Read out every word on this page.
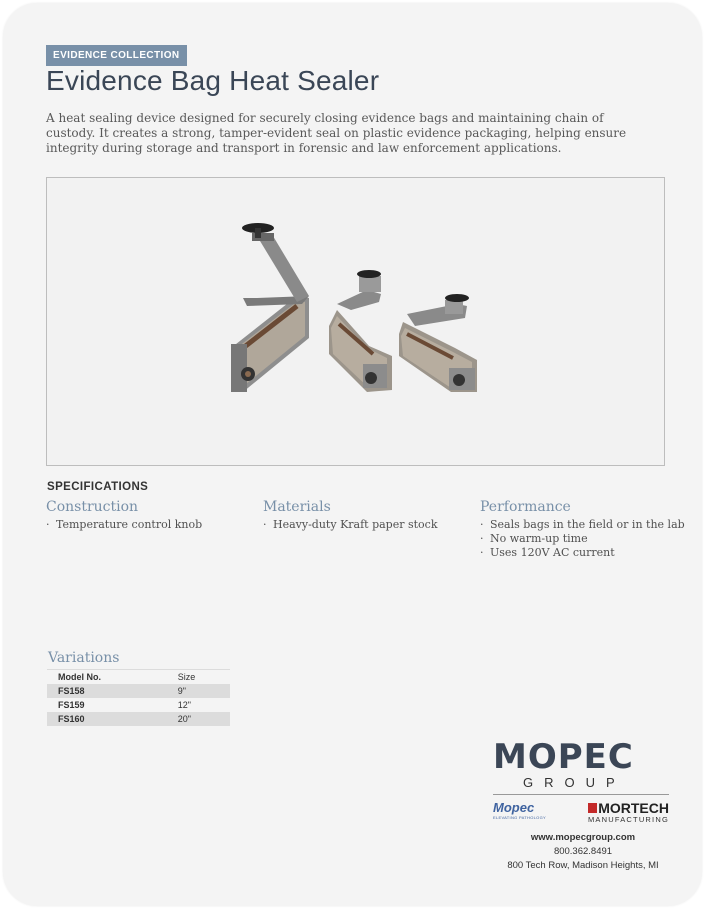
EVIDENCE COLLECTION
Evidence Bag Heat Sealer
A heat sealing device designed for securely closing evidence bags and maintaining chain of custody. It creates a strong, tamper-evident seal on plastic evidence packaging, helping ensure integrity during storage and transport in forensic and law enforcement applications.
SPECIFICATIONS
Construction
· Temperature control knob
Materials
· Heavy-duty Kraft paper stock
Performance
· Seals bags in the field or in the lab
· No warm-up time
· Uses 120V AC current
Variations
Model No.	Size
FS158	9"
FS159	12"
FS160	20"
MOPEC
GROUP
Mopec
ELEVATING PATHOLOGY
MORTECH
MANUFACTURING
www.mopecgroup.com
800.362.8491
800 Tech Row, Madison Heights, MI
